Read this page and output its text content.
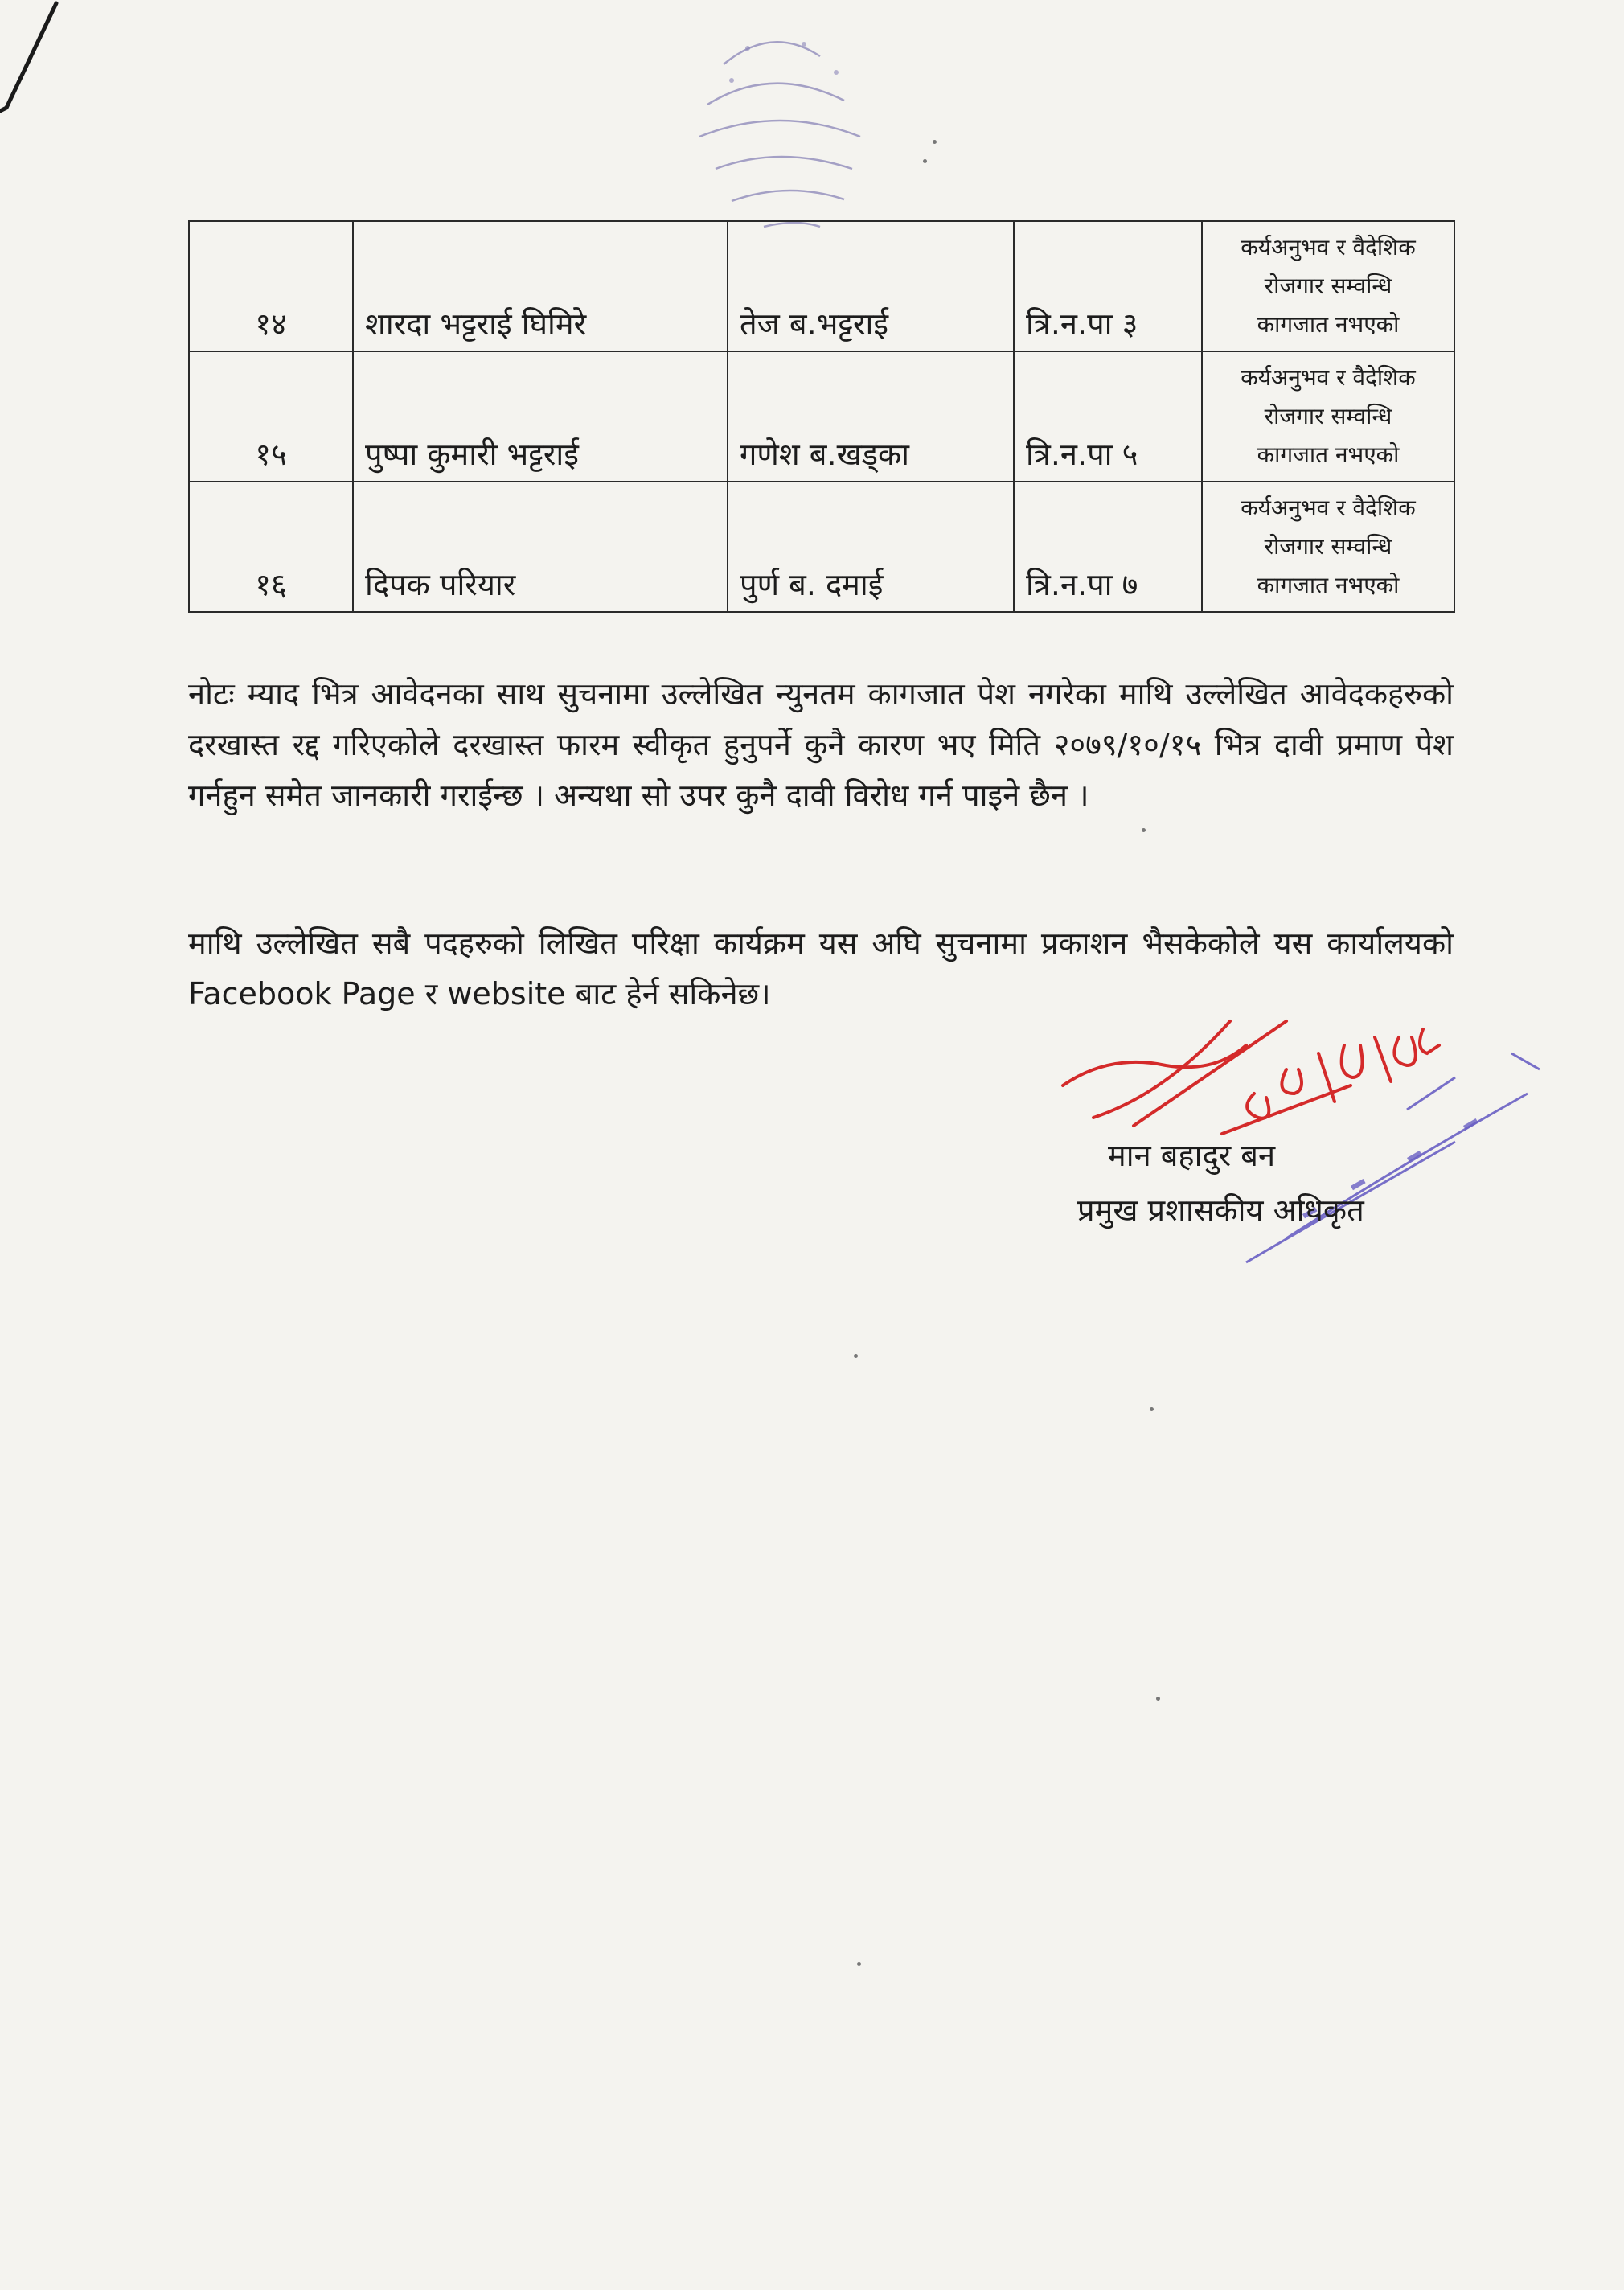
१४	शारदा भट्टराई घिमिरे	तेज ब.भट्टराई	त्रि.न.पा ३	कर्यअनुभव र वैदेशिक
रोजगार सम्वन्धि
कागजात नभएको

१५	पुष्पा कुमारी भट्टराई	गणेश ब.खड्का	त्रि.न.पा ५	कर्यअनुभव र वैदेशिक
रोजगार सम्वन्धि
कागजात नभएको

१६	दिपक परियार	पुर्ण ब. दमाई	त्रि.न.पा ७	कर्यअनुभव र वैदेशिक
रोजगार सम्वन्धि
कागजात नभएको

नोटः म्याद भित्र आवेदनका साथ सुचनामा उल्लेखित न्युनतम कागजात पेश नगरेका माथि उल्लेखित आवेदकहरुको दरखास्त रद्द गरिएकोले दरखास्त फारम स्वीकृत हुनुपर्ने कुनै कारण भए मिति २०७९/१०/१५ भित्र दावी प्रमाण पेश गर्नहुन समेत जानकारी गराईन्छ । अन्यथा सो उपर कुनै दावी विरोध गर्न पाइने छैन ।

माथि उल्लेखित सबै पदहरुको लिखित परिक्षा कार्यक्रम यस अघि सुचनामा प्रकाशन भैसकेकोले यस कार्यालयको Facebook Page र website बाट हेर्न सकिनेछ।

मान बहादुर बन
प्रमुख प्रशासकीय अधिकृत
